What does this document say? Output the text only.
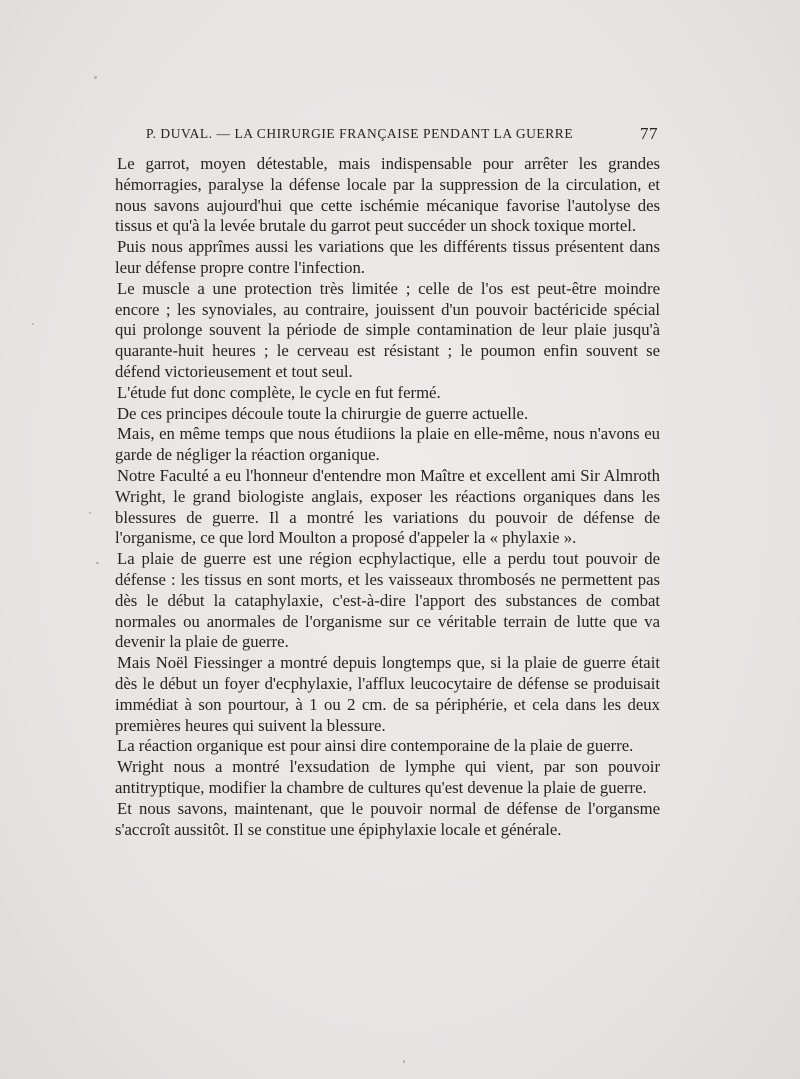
P. DUVAL. — LA CHIRURGIE FRANÇAISE PENDANT LA GUERRE	77

Le garrot, moyen détestable, mais indispensable pour arrêter les grandes hémorragies, paralyse la défense locale par la suppression de la circulation, et nous savons aujourd'hui que cette ischémie mécanique favorise l'autolyse des tissus et qu'à la levée brutale du garrot peut succéder un shock toxique mortel.

Puis nous apprîmes aussi les variations que les différents tissus présentent dans leur défense propre contre l'infection.

Le muscle a une protection très limitée ; celle de l'os est peut-être moindre encore ; les synoviales, au contraire, jouissent d'un pouvoir bactéricide spécial qui prolonge souvent la période de simple contamination de leur plaie jusqu'à quarante-huit heures ; le cerveau est résistant ; le poumon enfin souvent se défend victorieusement et tout seul.

L'étude fut donc complète, le cycle en fut fermé.

De ces principes découle toute la chirurgie de guerre actuelle.

Mais, en même temps que nous étudiions la plaie en elle-même, nous n'avons eu garde de négliger la réaction organique.

Notre Faculté a eu l'honneur d'entendre mon Maître et excellent ami Sir Almroth Wright, le grand biologiste anglais, exposer les réactions organiques dans les blessures de guerre. Il a montré les variations du pouvoir de défense de l'organisme, ce que lord Moulton a proposé d'appeler la « phylaxie ».

La plaie de guerre est une région ecphylactique, elle a perdu tout pouvoir de défense : les tissus en sont morts, et les vaisseaux thrombosés ne permettent pas dès le début la cataphylaxie, c'est-à-dire l'apport des substances de combat normales ou anormales de l'organisme sur ce véritable terrain de lutte que va devenir la plaie de guerre.

Mais Noël Fiessinger a montré depuis longtemps que, si la plaie de guerre était dès le début un foyer d'ecphylaxie, l'afflux leucocytaire de défense se produisait immédiat à son pourtour, à 1 ou 2 cm. de sa périphérie, et cela dans les deux premières heures qui suivent la blessure.

La réaction organique est pour ainsi dire contemporaine de la plaie de guerre.

Wright nous a montré l'exsudation de lymphe qui vient, par son pouvoir antitryptique, modifier la chambre de cultures qu'est devenue la plaie de guerre.

Et nous savons, maintenant, que le pouvoir normal de défense de l'organsme s'accroît aussitôt. Il se constitue une épiphylaxie locale et générale.
